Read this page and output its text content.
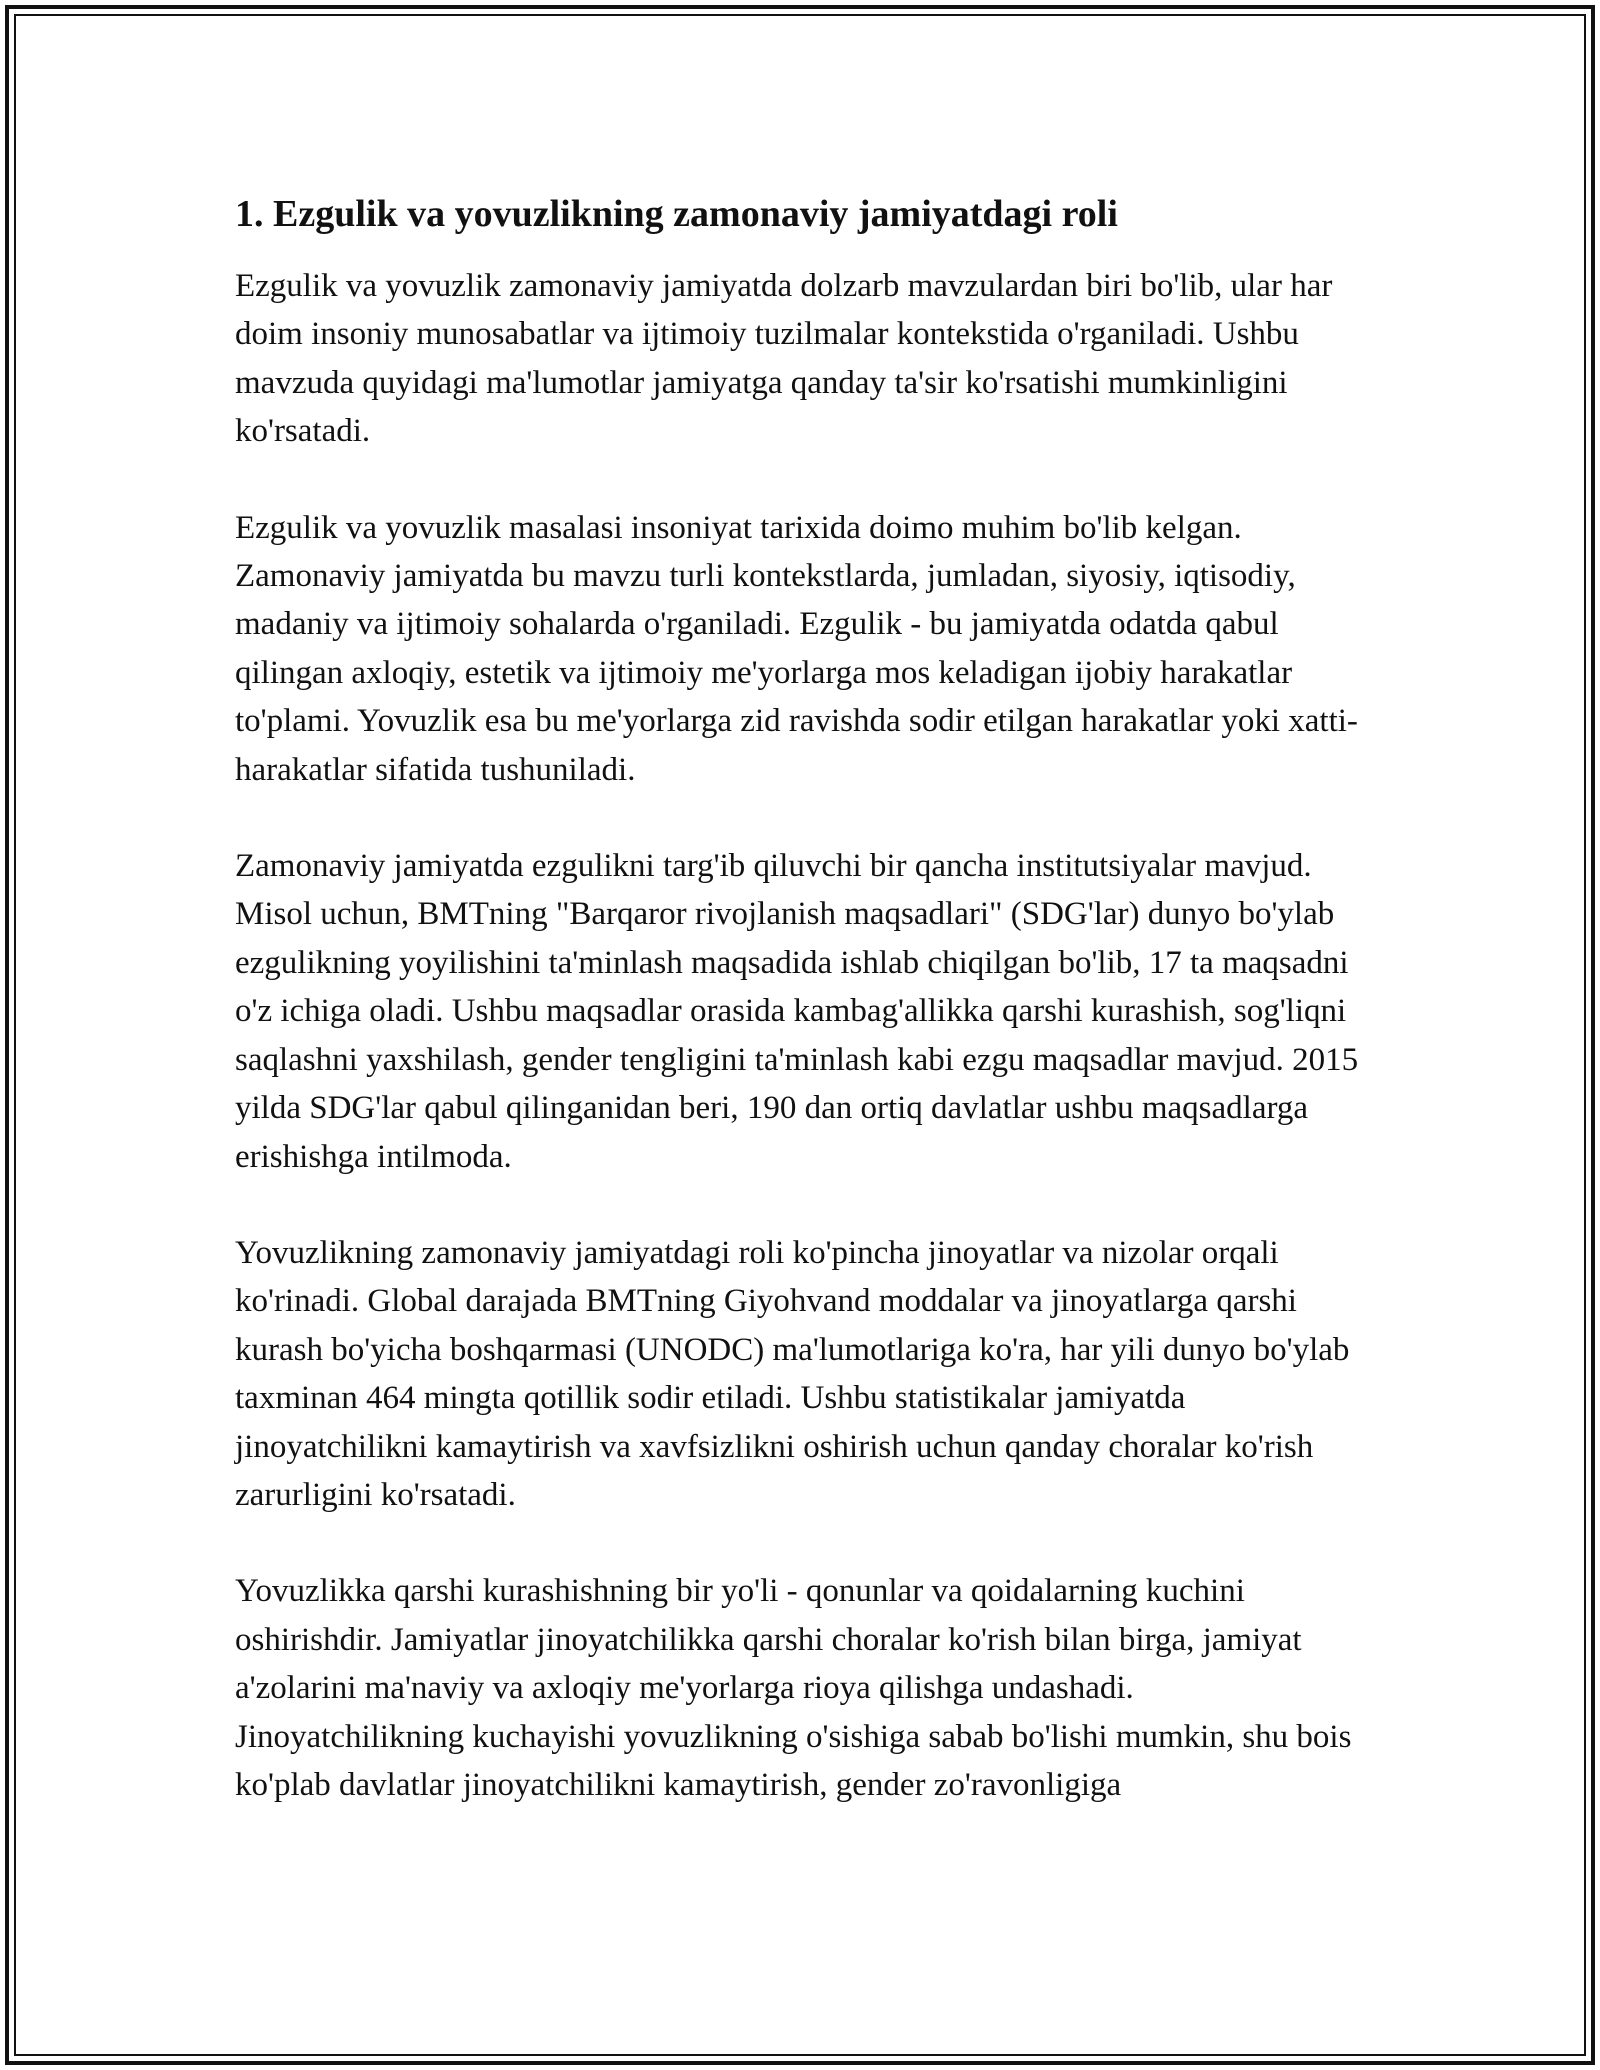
1. Ezgulik va yovuzlikning zamonaviy jamiyatdagi roli

Ezgulik va yovuzlik zamonaviy jamiyatda dolzarb mavzulardan biri bo'lib, ular har doim insoniy munosabatlar va ijtimoiy tuzilmalar kontekstida o'rganiladi. Ushbu mavzuda quyidagi ma'lumotlar jamiyatga qanday ta'sir ko'rsatishi mumkinligini ko'rsatadi.

Ezgulik va yovuzlik masalasi insoniyat tarixida doimo muhim bo'lib kelgan. Zamonaviy jamiyatda bu mavzu turli kontekstlarda, jumladan, siyosiy, iqtisodiy, madaniy va ijtimoiy sohalarda o'rganiladi. Ezgulik - bu jamiyatda odatda qabul qilingan axloqiy, estetik va ijtimoiy me'yorlarga mos keladigan ijobiy harakatlar to'plami. Yovuzlik esa bu me'yorlarga zid ravishda sodir etilgan harakatlar yoki xatti-harakatlar sifatida tushuniladi.

Zamonaviy jamiyatda ezgulikni targ'ib qiluvchi bir qancha institutsiyalar mavjud. Misol uchun, BMTning "Barqaror rivojlanish maqsadlari" (SDG'lar) dunyo bo'ylab ezgulikning yoyilishini ta'minlash maqsadida ishlab chiqilgan bo'lib, 17 ta maqsadni o'z ichiga oladi. Ushbu maqsadlar orasida kambag'allikka qarshi kurashish, sog'liqni saqlashni yaxshilash, gender tengligini ta'minlash kabi ezgu maqsadlar mavjud. 2015 yilda SDG'lar qabul qilinganidan beri, 190 dan ortiq davlatlar ushbu maqsadlarga erishishga intilmoda.

Yovuzlikning zamonaviy jamiyatdagi roli ko'pincha jinoyatlar va nizolar orqali ko'rinadi. Global darajada BMTning Giyohvand moddalar va jinoyatlarga qarshi kurash bo'yicha boshqarmasi (UNODC) ma'lumotlariga ko'ra, har yili dunyo bo'ylab taxminan 464 mingta qotillik sodir etiladi. Ushbu statistikalar jamiyatda jinoyatchilikni kamaytirish va xavfsizlikni oshirish uchun qanday choralar ko'rish zarurligini ko'rsatadi.

Yovuzlikka qarshi kurashishning bir yo'li - qonunlar va qoidalarning kuchini oshirishdir. Jamiyatlar jinoyatchilikka qarshi choralar ko'rish bilan birga, jamiyat a'zolarini ma'naviy va axloqiy me'yorlarga rioya qilishga undashadi. Jinoyatchilikning kuchayishi yovuzlikning o'sishiga sabab bo'lishi mumkin, shu bois ko'plab davlatlar jinoyatchilikni kamaytirish, gender zo'ravonligiga
